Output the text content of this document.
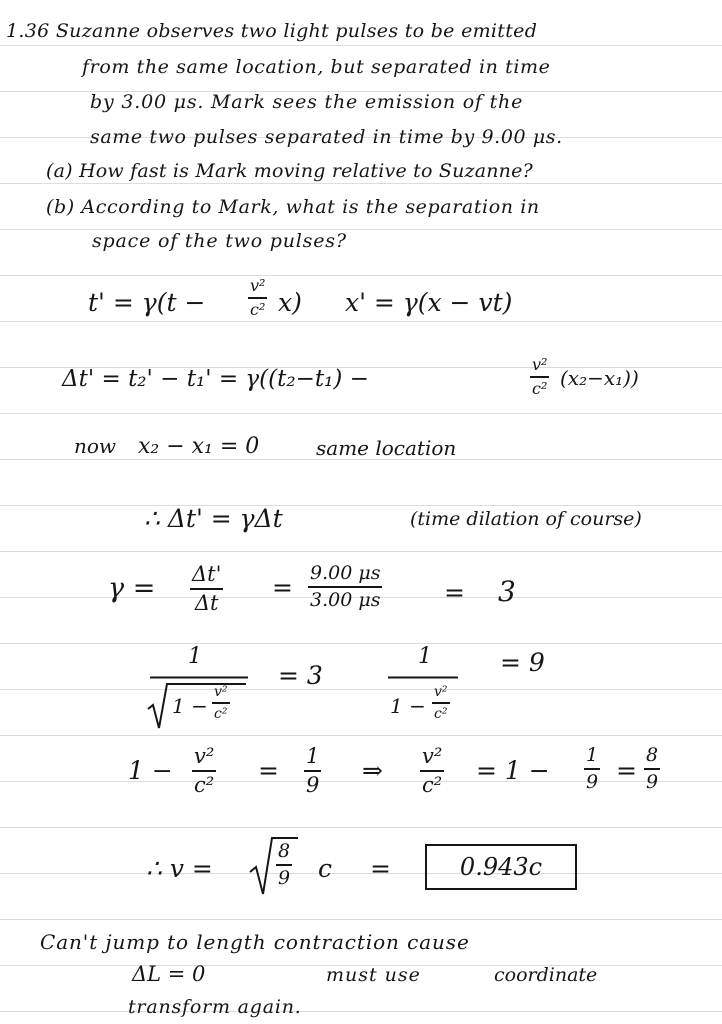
1.36 Suzanne observes two light pulses to be emitted
from the same location, but separated in time
by 3.00 μs. Mark sees the emission of the
same two pulses separated in time by 9.00 μs.
(a) How fast is Mark moving relative to Suzanne?
(b) According to Mark, what is the separation in
space of the two pulses?
t' = γ(t −
v²
c² x) x' = γ(x − vt)
Δt' = t₂' − t₁' = γ((t₂−t₁) −
v²
c² (x₂−x₁))
now x₂ − x₁ = 0	same location
∴ Δt' = γΔt	(time dilation of course)
γ = Δt'
Δt
= 9.00 μs
3.00 μs	= 3
1
1 −
v²
c²
= 3
1
1 −
v²
c²
= 9
1 − v²
c² = 1
9 ⇒ v²
c² = 1 −
1
9 =
8
9
∴ v =
8
9 c =	0.943c
Can't jump to length contraction cause
ΔL = 0	must use	coordinate
transform again.
